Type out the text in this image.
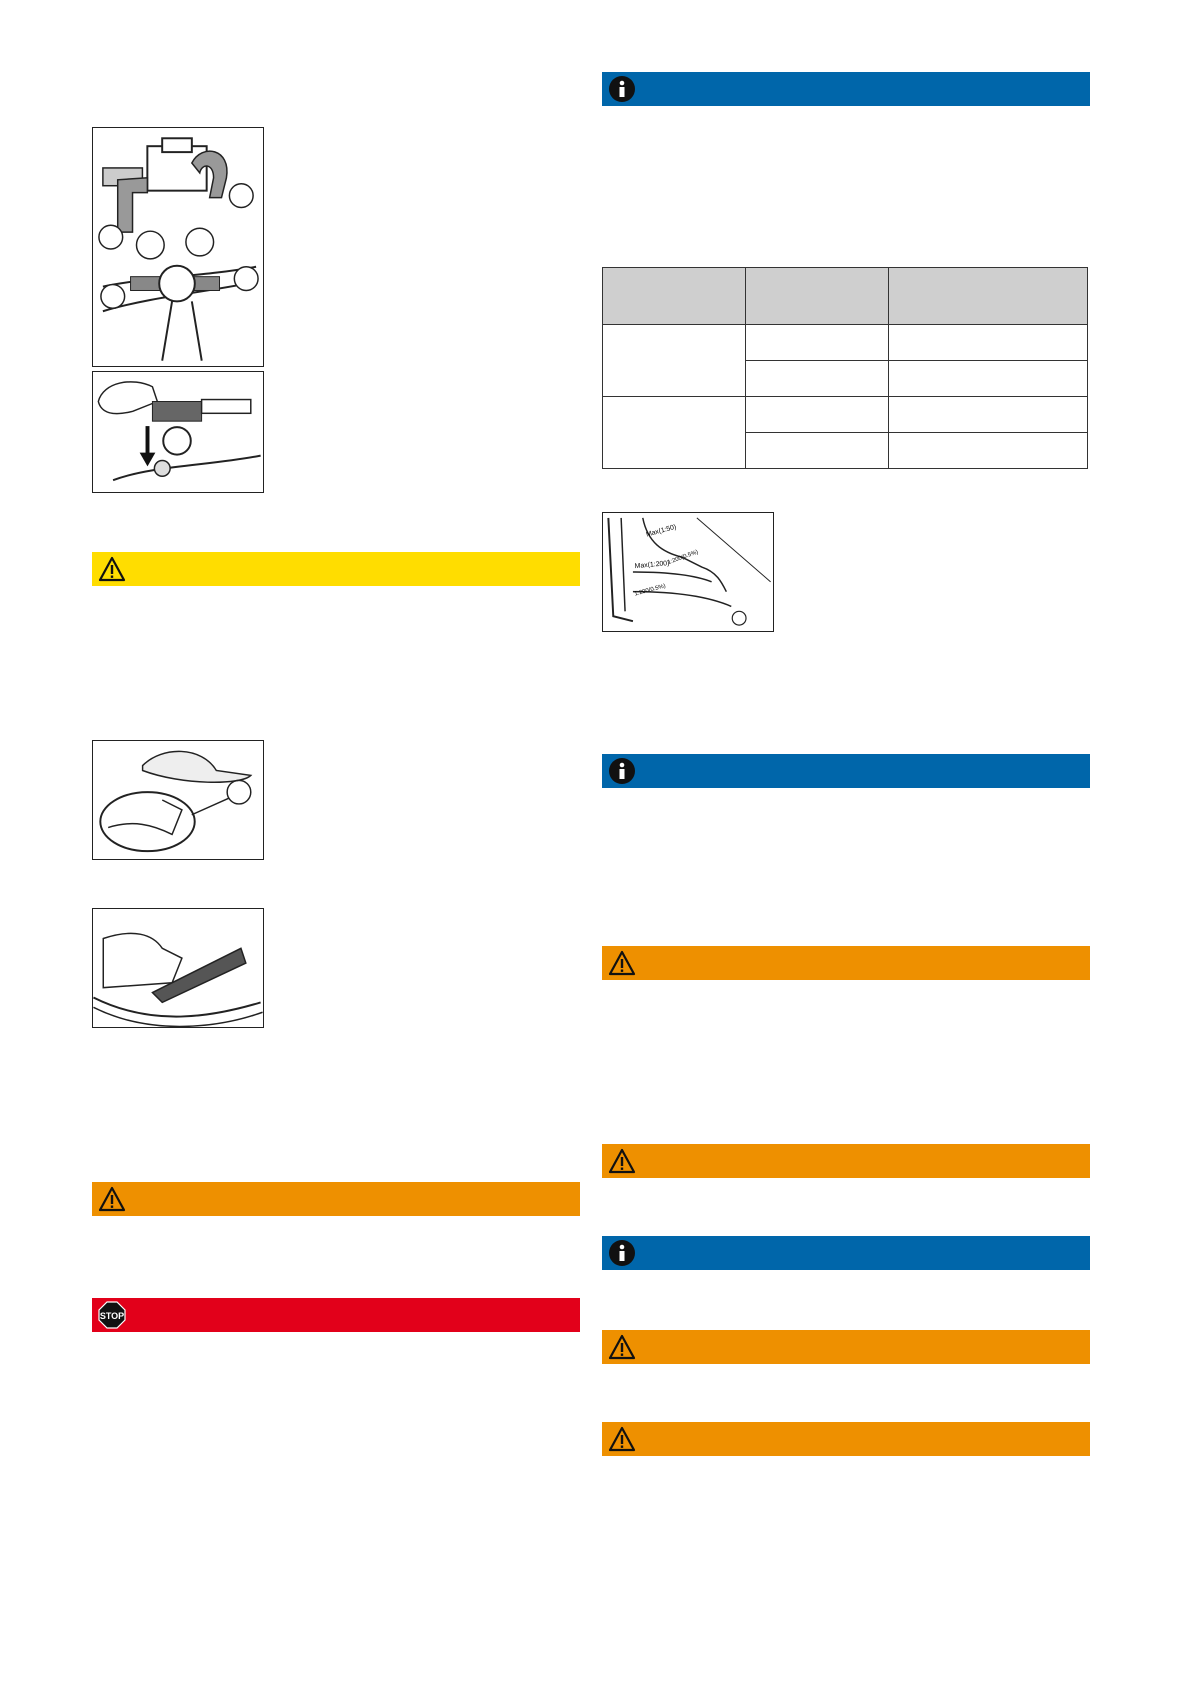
STOP

Max(1:50)
Max(1:200)
1:200(0.5%)
1:200(0.5%)
